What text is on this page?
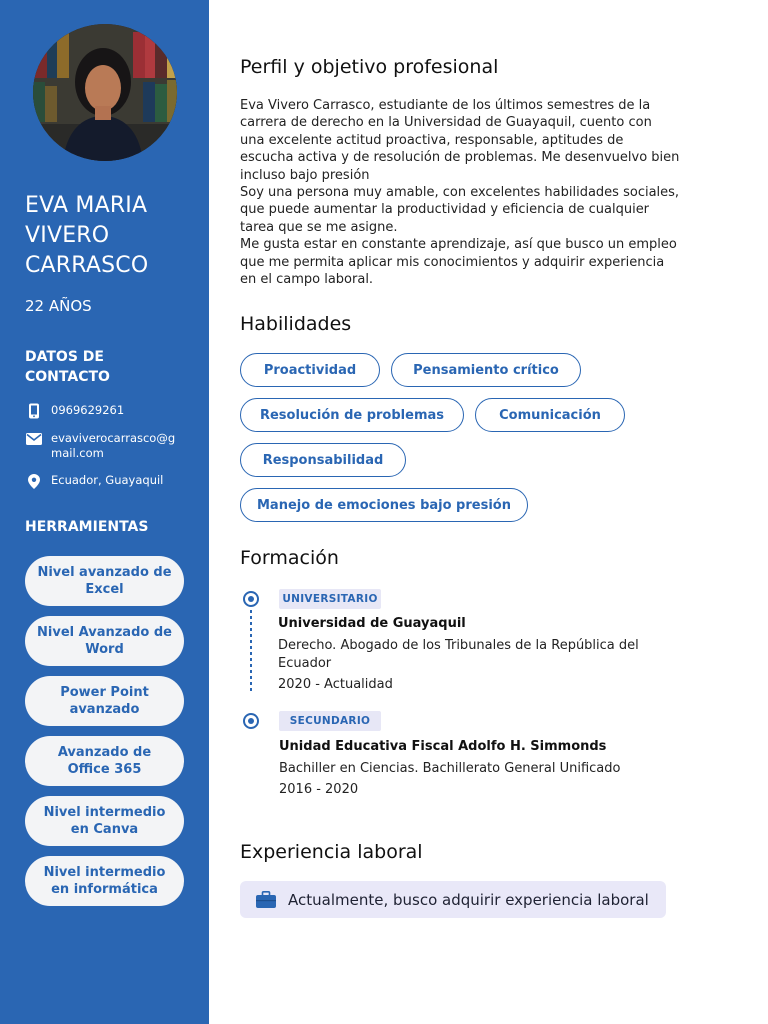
EVA MARIA VIVERO CARRASCO
22 AÑOS
DATOS DE CONTACTO
0969629261
evaviverocarrasco@gmail.com
Ecuador, Guayaquil
HERRAMIENTAS
Nivel avanzado de Excel
Nivel Avanzado de Word
Power Point avanzado
Avanzado de Office 365
Nivel intermedio en Canva
Nivel intermedio en informática
Perfil y objetivo profesional

Eva Vivero Carrasco, estudiante de los últimos semestres de la carrera de derecho en la Universidad de Guayaquil, cuento con una excelente actitud proactiva, responsable, aptitudes de escucha activa y de resolución de problemas. Me desenvuelvo bien incluso bajo presión

Soy una persona muy amable, con excelentes habilidades sociales, que puede aumentar la productividad y eficiencia de cualquier tarea que se me asigne.

Me gusta estar en constante aprendizaje, así que busco un empleo que me permita aplicar mis conocimientos y adquirir experiencia en el campo laboral.

Habilidades
Proactividad	Pensamiento crítico
Resolución de problemas	Comunicación
Responsabilidad
Manejo de emociones bajo presión
Formación
UNIVERSITARIO
Universidad de Guayaquil
Derecho. Abogado de los Tribunales de la República del Ecuador
2020 - Actualidad
SECUNDARIO
Unidad Educativa Fiscal Adolfo H. Simmonds
Bachiller en Ciencias. Bachillerato General Unificado
2016 - 2020
Experiencia laboral
Actualmente, busco adquirir experiencia laboral
